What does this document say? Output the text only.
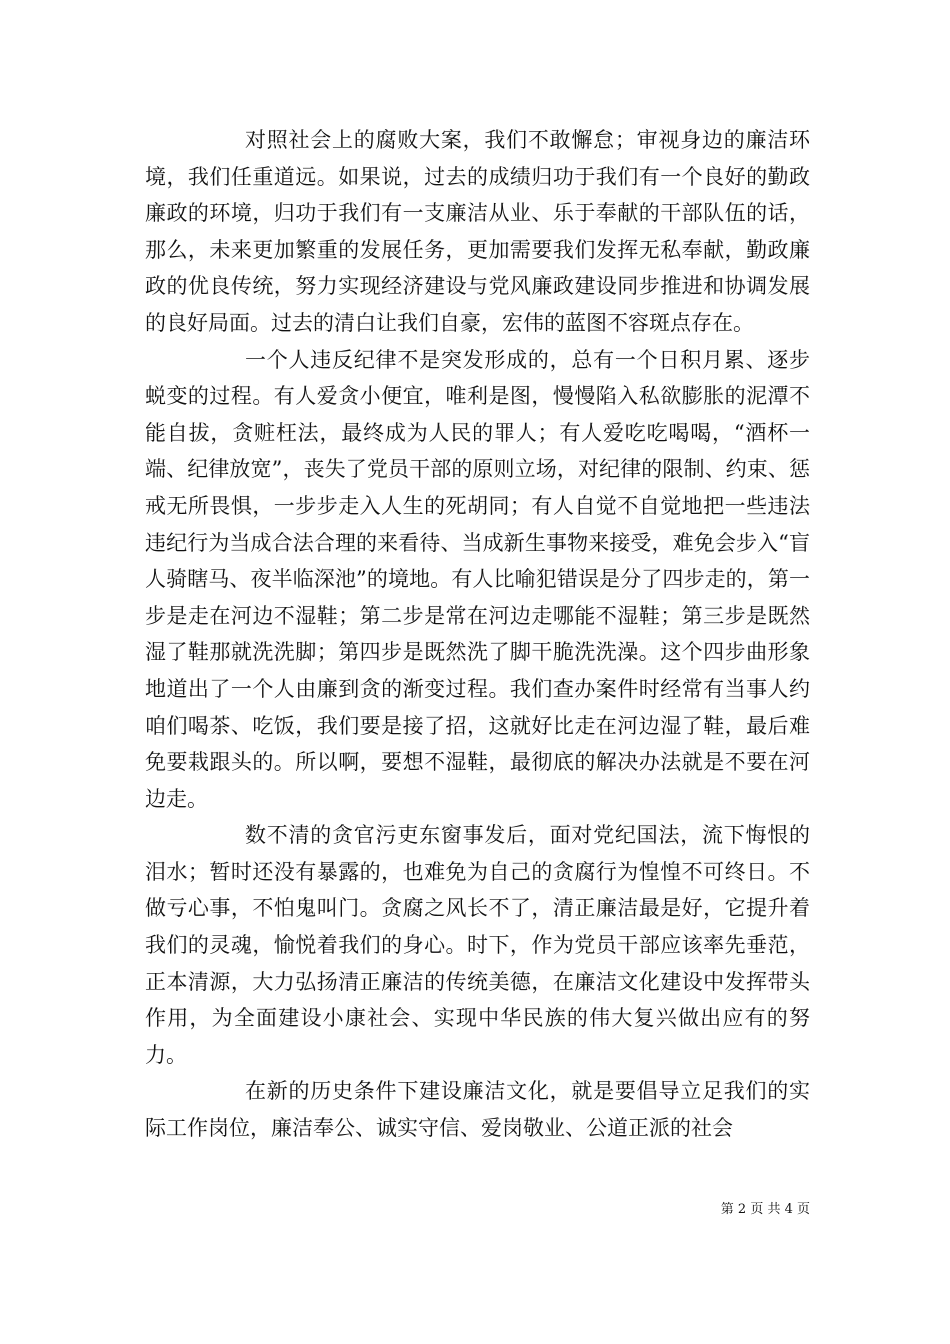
对照社会上的腐败大案，我们不敢懈怠；审视身边的廉洁环境，我们任重道远。如果说，过去的成绩归功于我们有一个良好的勤政廉政的环境，归功于我们有一支廉洁从业、乐于奉献的干部队伍的话，那么，未来更加繁重的发展任务，更加需要我们发挥无私奉献，勤政廉政的优良传统，努力实现经济建设与党风廉政建设同步推进和协调发展的良好局面。过去的清白让我们自豪，宏伟的蓝图不容斑点存在。

一个人违反纪律不是突发形成的，总有一个日积月累、逐步蜕变的过程。有人爱贪小便宜，唯利是图，慢慢陷入私欲膨胀的泥潭不能自拔，贪赃枉法，最终成为人民的罪人；有人爱吃吃喝喝，“酒杯一端、纪律放宽”，丧失了党员干部的原则立场，对纪律的限制、约束、惩戒无所畏惧，一步步走入人生的死胡同；有人自觉不自觉地把一些违法违纪行为当成合法合理的来看待、当成新生事物来接受，难免会步入“盲人骑瞎马、夜半临深池”的境地。有人比喻犯错误是分了四步走的，第一步是走在河边不湿鞋；第二步是常在河边走哪能不湿鞋；第三步是既然湿了鞋那就洗洗脚；第四步是既然洗了脚干脆洗洗澡。这个四步曲形象地道出了一个人由廉到贪的渐变过程。我们查办案件时经常有当事人约咱们喝茶、吃饭，我们要是接了招，这就好比走在河边湿了鞋，最后难免要栽跟头的。所以啊，要想不湿鞋，最彻底的解决办法就是不要在河边走。

数不清的贪官污吏东窗事发后，面对党纪国法，流下悔恨的泪水；暂时还没有暴露的，也难免为自己的贪腐行为惶惶不可终日。不做亏心事，不怕鬼叫门。贪腐之风长不了，清正廉洁最是好，它提升着我们的灵魂，愉悦着我们的身心。时下，作为党员干部应该率先垂范，正本清源，大力弘扬清正廉洁的传统美德，在廉洁文化建设中发挥带头作用，为全面建设小康社会、实现中华民族的伟大复兴做出应有的努力。

在新的历史条件下建设廉洁文化，就是要倡导立足我们的实际工作岗位，廉洁奉公、诚实守信、爱岗敬业、公道正派的社会

第 2 页 共 4 页
